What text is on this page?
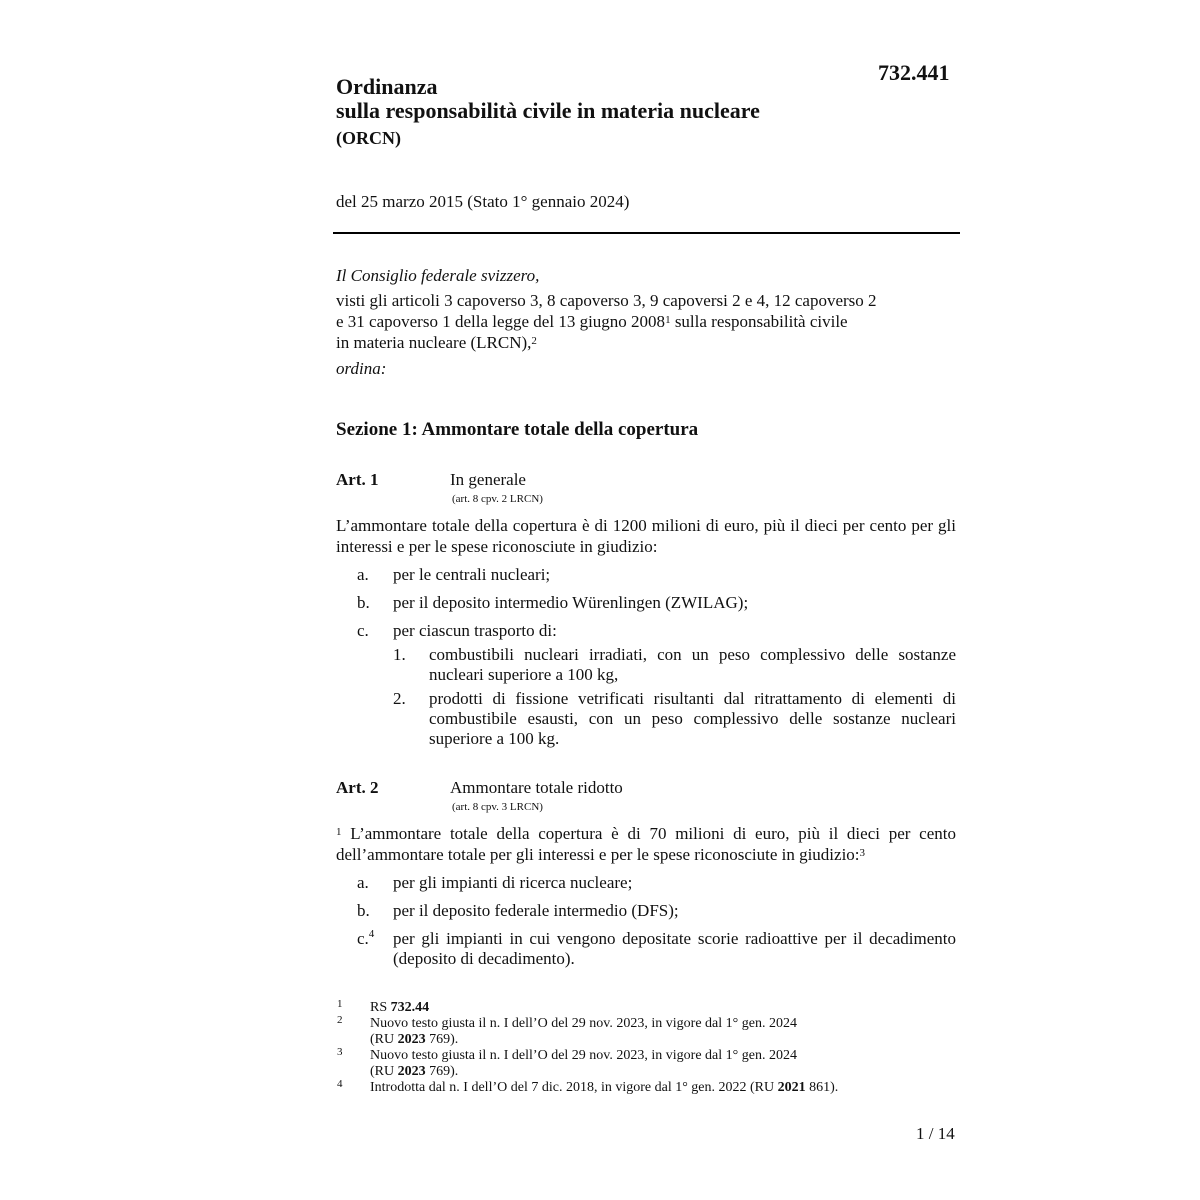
732.441
Ordinanza
sulla responsabilità civile in materia nucleare
(ORCN)
del 25 marzo 2015 (Stato 1° gennaio 2024)
Il Consiglio federale svizzero,
visti gli articoli 3 capoverso 3, 8 capoverso 3, 9 capoversi 2 e 4, 12 capoverso 2
e 31 capoverso 1 della legge del 13 giugno 2008$^1$ sulla responsabilità civile
in materia nucleare (LRCN),$^2$
ordina:
Sezione 1: Ammontare totale della copertura
Art. 1	In generale
(art. 8 cpv. 2 LRCN)
L’ammontare totale della copertura è di 1200 milioni di euro, più il dieci per cento per gli interessi e per le spese riconosciute in giudizio:
a. per le centrali nucleari;
b. per il deposito intermedio Würenlingen (ZWILAG);
c. per ciascun trasporto di:
1. combustibili nucleari irradiati, con un peso complessivo delle sostanze nucleari superiore a 100 kg,
2. prodotti di fissione vetrificati risultanti dal ritrattamento di elementi di combustibile esausti, con un peso complessivo delle sostanze nucleari superiore a 100 kg.
Art. 2	Ammontare totale ridotto
(art. 8 cpv. 3 LRCN)
$^1$ L’ammontare totale della copertura è di 70 milioni di euro, più il dieci per cento dell’ammontare totale per gli interessi e per le spese riconosciute in giudizio:$^3$
a. per gli impianti di ricerca nucleare;
b. per il deposito federale intermedio (DFS);
c.$^4$ per gli impianti in cui vengono depositate scorie radioattive per il decadimento (deposito di decadimento).
1 RS 732.44
2 Nuovo testo giusta il n. I dell’O del 29 nov. 2023, in vigore dal 1° gen. 2024
(RU 2023 769).
3 Nuovo testo giusta il n. I dell’O del 29 nov. 2023, in vigore dal 1° gen. 2024
(RU 2023 769).
4 Introdotta dal n. I dell’O del 7 dic. 2018, in vigore dal 1° gen. 2022 (RU 2021 861).
1 / 14
